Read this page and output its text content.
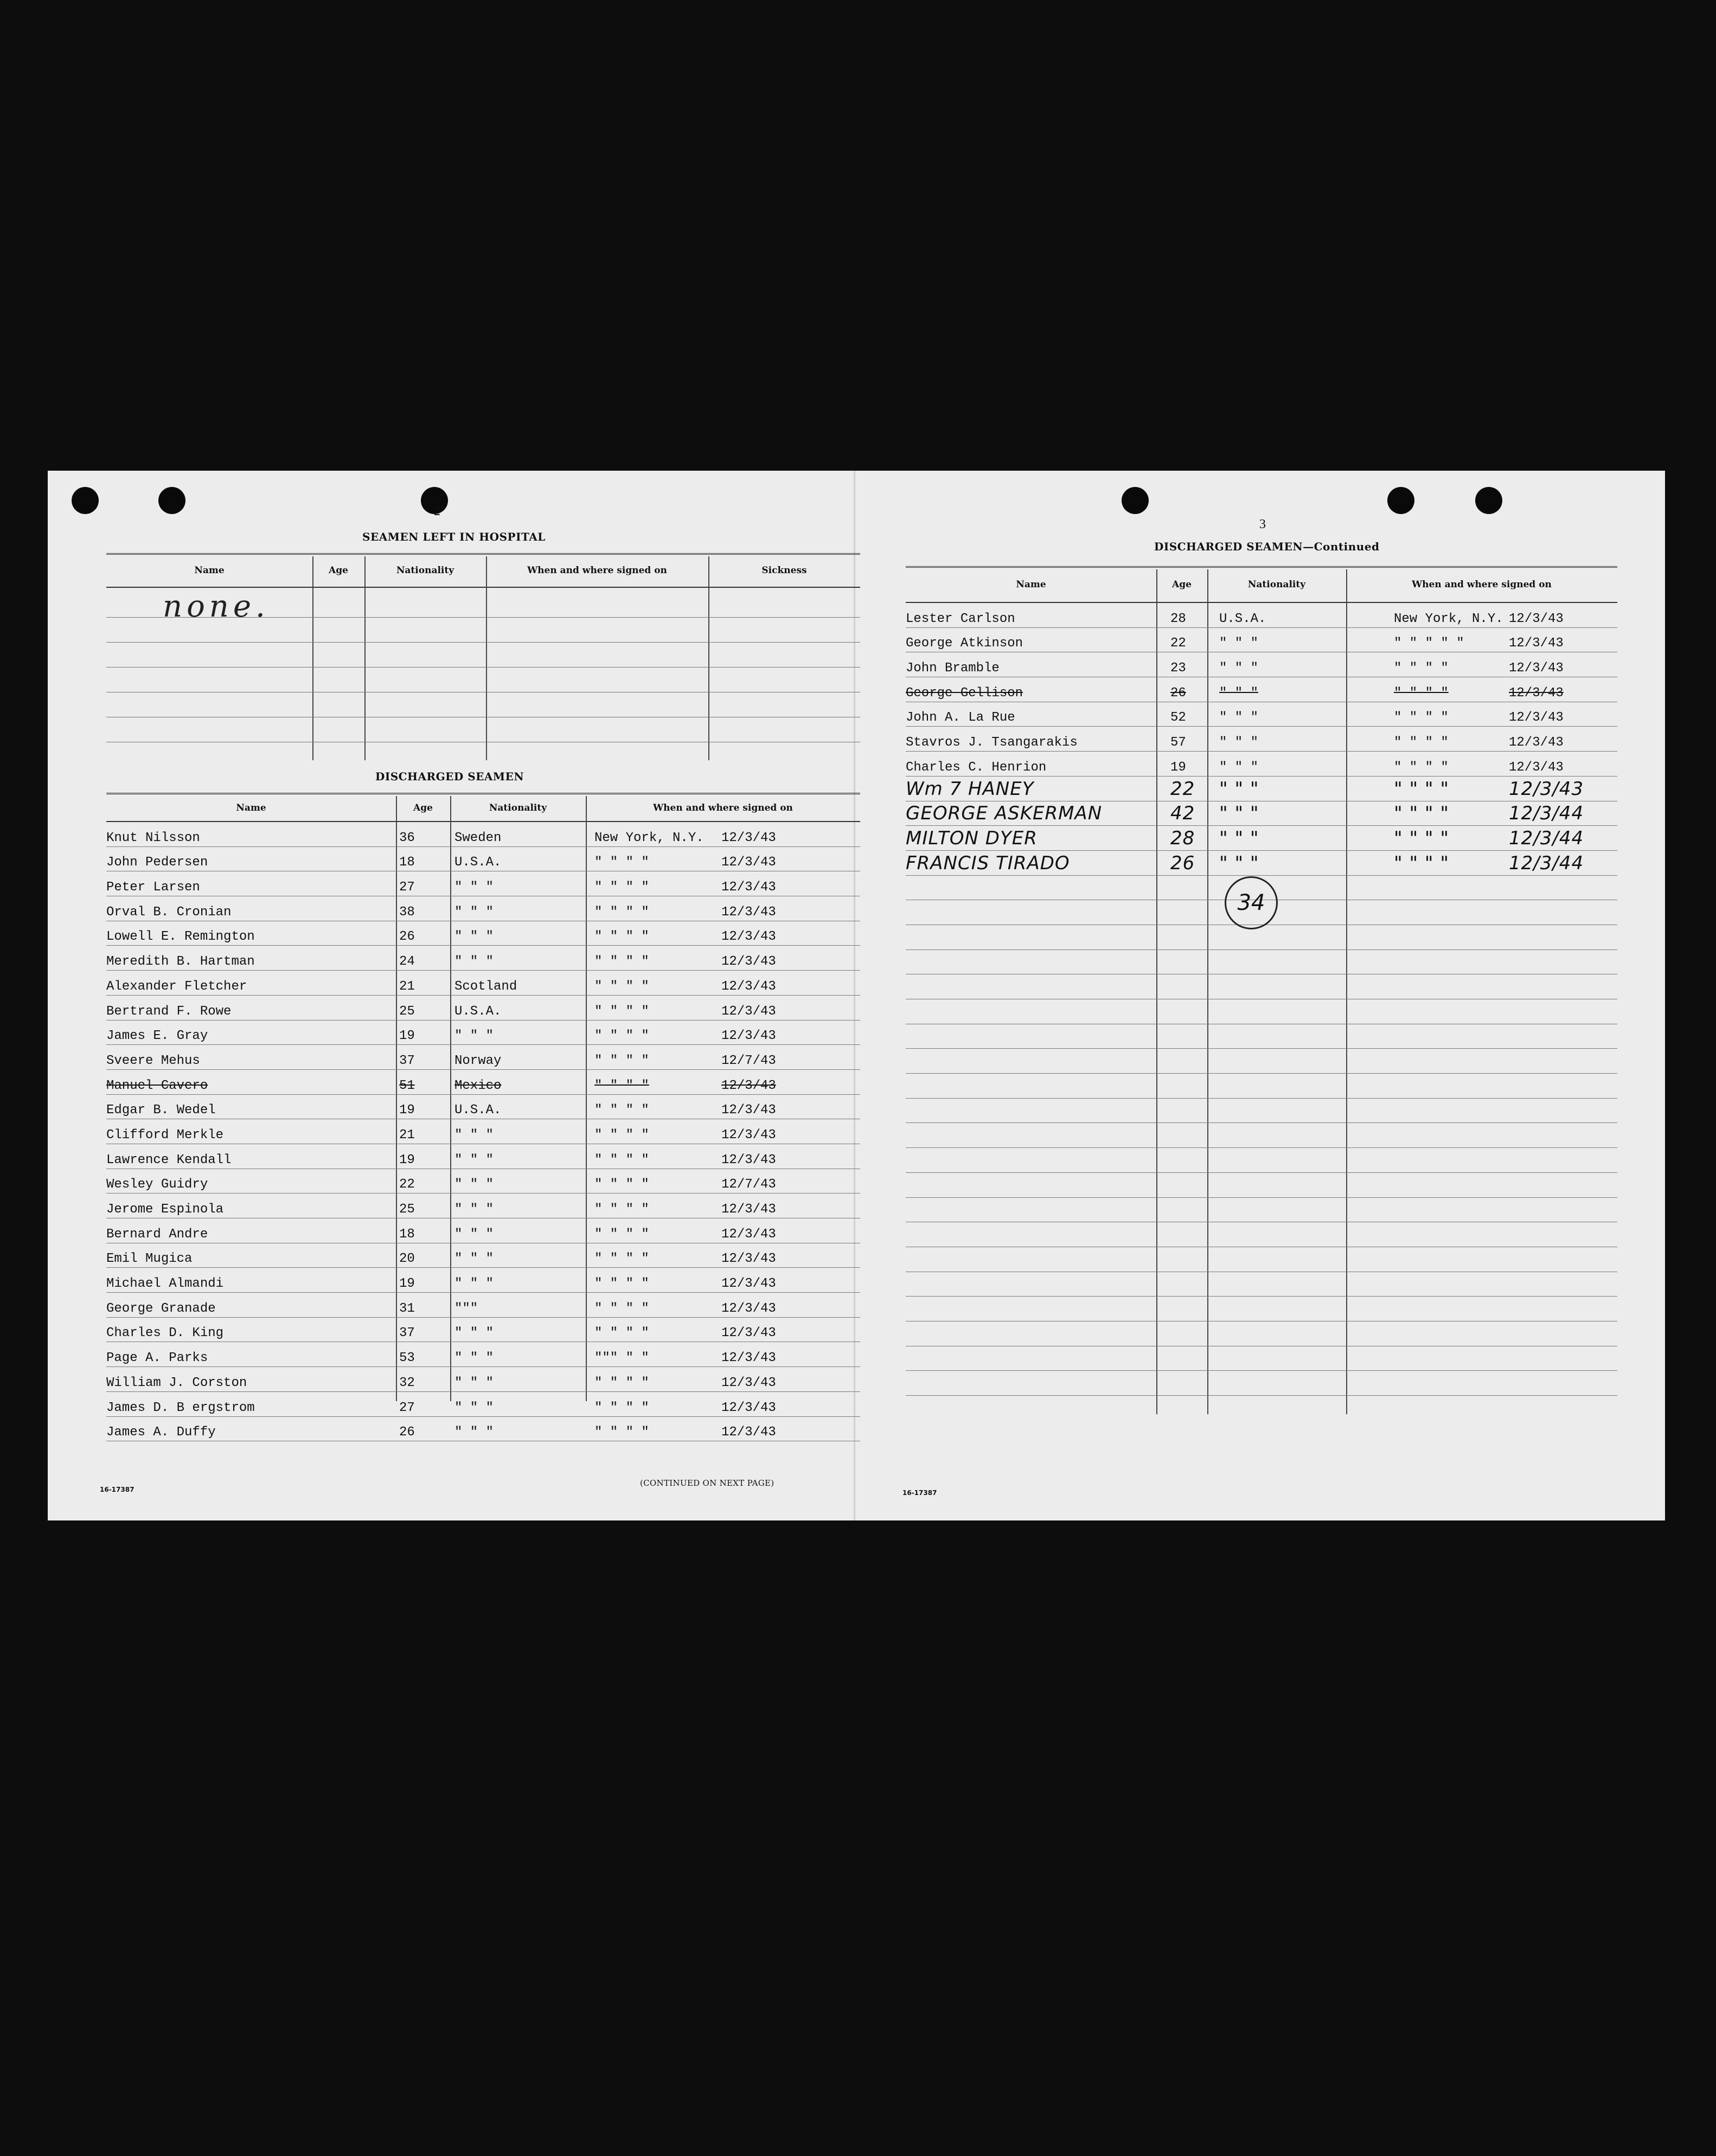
2
SEAMEN LEFT IN HOSPITAL
Name	Age	Nationality	When and where signed on	Sickness
none.
DISCHARGED SEAMEN
Name	Age	Nationality	When and where signed on
Knut Nilsson	36	Sweden	New York, N.Y. 12/3/43
John Pedersen	18	U.S.A.	" " " "	12/3/43
Peter Larsen	27	" " "	" " " "	12/3/43
Orval B. Cronian	38	" " "	" " " "	12/3/43
Lowell E. Remington	26	" " "	" " " "	12/3/43
Meredith B. Hartman	24	" " "	" " " "	12/3/43
Alexander Fletcher	21	Scotland	" " " "	12/3/43
Bertrand F. Rowe	25	U.S.A.	" " " "	12/3/43
James E. Gray	19	" " "	" " " "	12/3/43
Sveere Mehus	37	Norway	" " " "	12/7/43
Manuel Cavero	51	Mexico	" " " "	12/3/43
Edgar B. Wedel	19	U.S.A.	" " " "	12/3/43
Clifford Merkle	21	" " "	" " " "	12/3/43
Lawrence Kendall	19	" " "	" " " "	12/3/43
Wesley Guidry	22	" " "	" " " "	12/7/43
Jerome Espinola	25	" " "	" " " "	12/3/43
Bernard Andre	18	" " "	" " " "	12/3/43
Emil Mugica	20	" " "	" " " "	12/3/43
Michael Almandi	19	" " "	" " " "	12/3/43
George Granade	31	"""	" " " "	12/3/43
Charles D. King	37	" " "	" " " "	12/3/43
Page A. Parks	53	" " "	""" " "	12/3/43
William J. Corston	32	" " "	" " " "	12/3/43
James D. B ergstrom	27	" " "	" " " "	12/3/43
James A. Duffy	26	" " "	" " " "	12/3/43
16-17387
(CONTINUED ON NEXT PAGE)
3
DISCHARGED SEAMEN—Continued
Name	Age	Nationality	When and where signed on
Lester Carlson	28	U.S.A.	New York, N.Y. 12/3/43
George Atkinson	22	" " "	" " " " "	12/3/43
John Bramble	23	" " "	" " " "	12/3/43
George Gellison	26	" " "	" " " "	12/3/43
John A. La Rue	52	" " "	" " " "	12/3/43
Stavros J. Tsangarakis	57	" " "	" " " "	12/3/43
Charles C. Henrion	19	" " "	" " " "	12/3/43
Wm 7 HANEY	22 " " "	" " " "	12/3/43
GEORGE ASKERMAN	42 " " "	" " " "	12/3/44
MILTON DYER	28 " " "	" " " "	12/3/44
FRANCIS TIRADO	26 " " "	" " " "	12/3/44
34
16-17387
